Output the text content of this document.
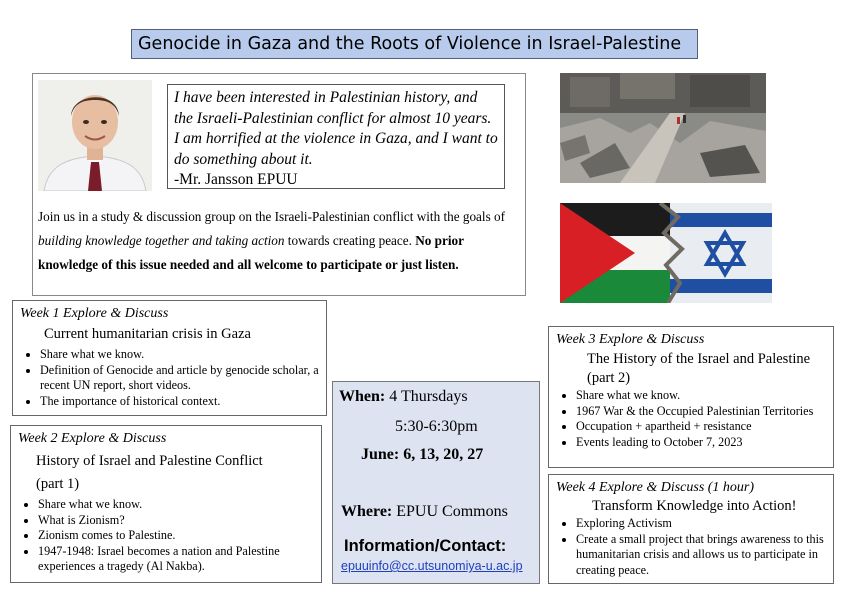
Genocide in Gaza and the Roots of Violence in Israel-Palestine
I have been interested in Palestinian history, and the Israeli-Palestinian conflict for almost 10 years. I am horrified at the violence in Gaza, and I want to do something about it.
-Mr. Jansson EPUU
Join us in a study & discussion group on the Israeli-Palestinian conflict with the goals of building knowledge together and taking action towards creating peace. No prior knowledge of this issue needed and all welcome to participate or just listen.
Week 1 Explore & Discuss
Current humanitarian crisis in Gaza
• Share what we know.
• Definition of Genocide and article by genocide scholar, a recent UN report, short videos.
• The importance of historical context.
Week 2 Explore & Discuss
History of Israel and Palestine Conflict
(part 1)
• Share what we know.
• What is Zionism?
• Zionism comes to Palestine.
• 1947-1948: Israel becomes a nation and Palestine experiences a tragedy (Al Nakba).
When: 4 Thursdays
5:30-6:30pm
June: 6, 13, 20, 27
Where: EPUU Commons
Information/Contact:
epuuinfo@cc.utsunomiya-u.ac.jp
Week 3 Explore & Discuss
The History of the Israel and Palestine
(part 2)
• Share what we know.
• 1967 War & the Occupied Palestinian Territories
• Occupation + apartheid + resistance
• Events leading to October 7, 2023
Week 4 Explore & Discuss (1 hour)
Transform Knowledge into Action!
• Exploring Activism
• Create a small project that brings awareness to this humanitarian crisis and allows us to participate in creating peace.
